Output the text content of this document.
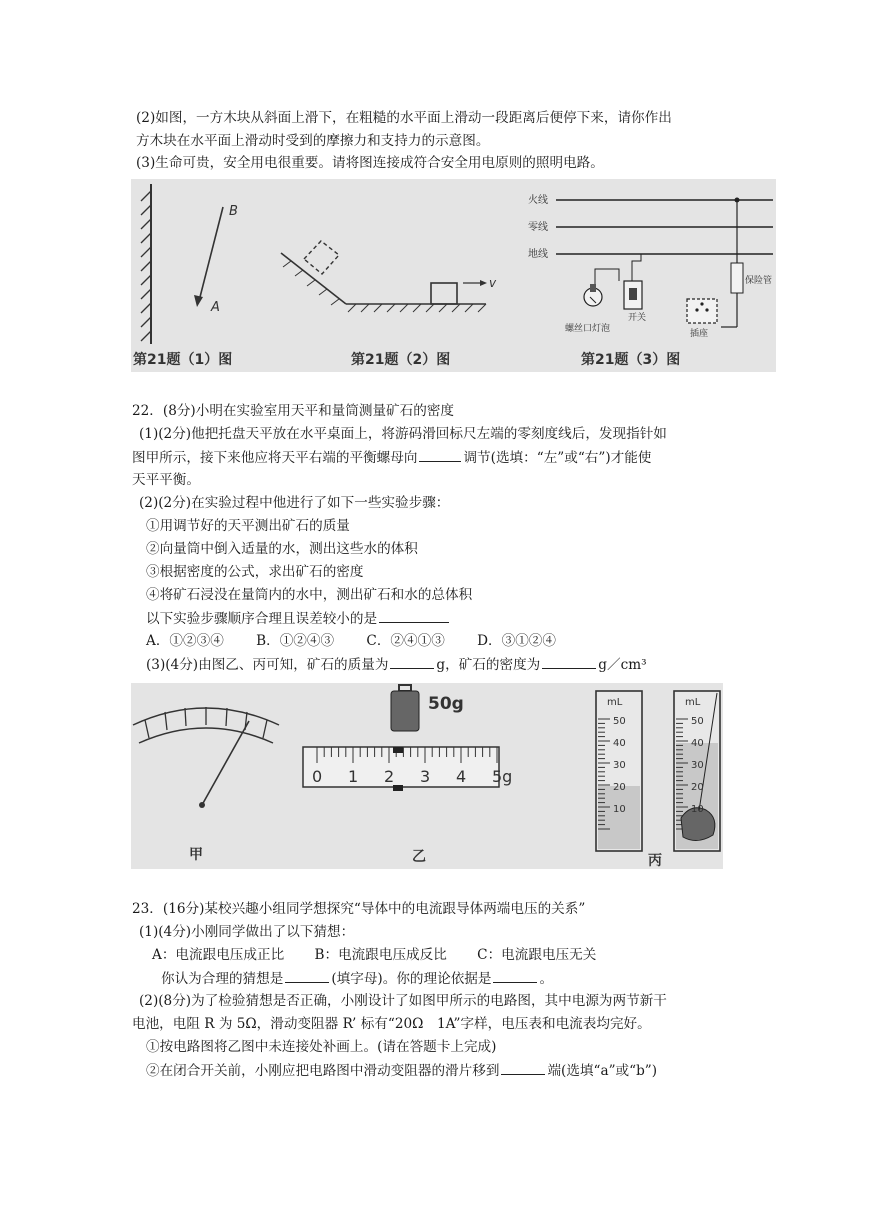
(2)如图，一方木块从斜面上滑下，在粗糙的水平面上滑动一段距离后便停下来，请你作出
方木块在水平面上滑动时受到的摩擦力和支持力的示意图。
(3)生命可贵，安全用电很重要。请将图连接成符合安全用电原则的照明电路。
B
A
v
火线
零线
地线
保险管
螺丝口灯泡
开关
插座
第21题（1）图	第21题（2）图	第21题（3）图
22．(8分)小明在实验室用天平和量筒测量矿石的密度
(1)(2分)他把托盘天平放在水平桌面上，将游码滑回标尺左端的零刻度线后，发现指针如
图甲所示，接下来他应将天平右端的平衡螺母向	调节(选填：“左”或“右”)才能使
天平平衡。
(2)(2分)在实验过程中他进行了如下一些实验步骤：
①用调节好的天平测出矿石的质量
②向量筒中倒入适量的水，测出这些水的体积
③根据密度的公式，求出矿石的密度
④将矿石浸没在量筒内的水中，测出矿石和水的总体积
以下实验步骤顺序合理且误差较小的是
A．①②③④ B．①②④③ C．②④①③ D．③①②④
(3)(4分)由图乙、丙可知，矿石的质量为	g，矿石的密度为	g／cm³
50g
0 1 2 3 4 5g
mL
50
40
30
20
10
mL
50
40
30
20
10
甲	乙	丙
23．(16分)某校兴趣小组同学想探究“导体中的电流跟导体两端电压的关系”
(1)(4分)小刚同学做出了以下猜想：
A：电流跟电压成正比 B：电流跟电压成反比 C：电流跟电压无关
你认为合理的猜想是	(填字母)。你的理论依据是	。
(2)(8分)为了检验猜想是否正确，小刚设计了如图甲所示的电路图，其中电源为两节新干
电池，电阻 R 为 5Ω，滑动变阻器 R’ 标有“20Ω　1A”字样，电压表和电流表均完好。
①按电路图将乙图中未连接处补画上。(请在答题卡上完成)
②在闭合开关前，小刚应把电路图中滑动变阻器的滑片移到	端(选填“a”或“b”)
